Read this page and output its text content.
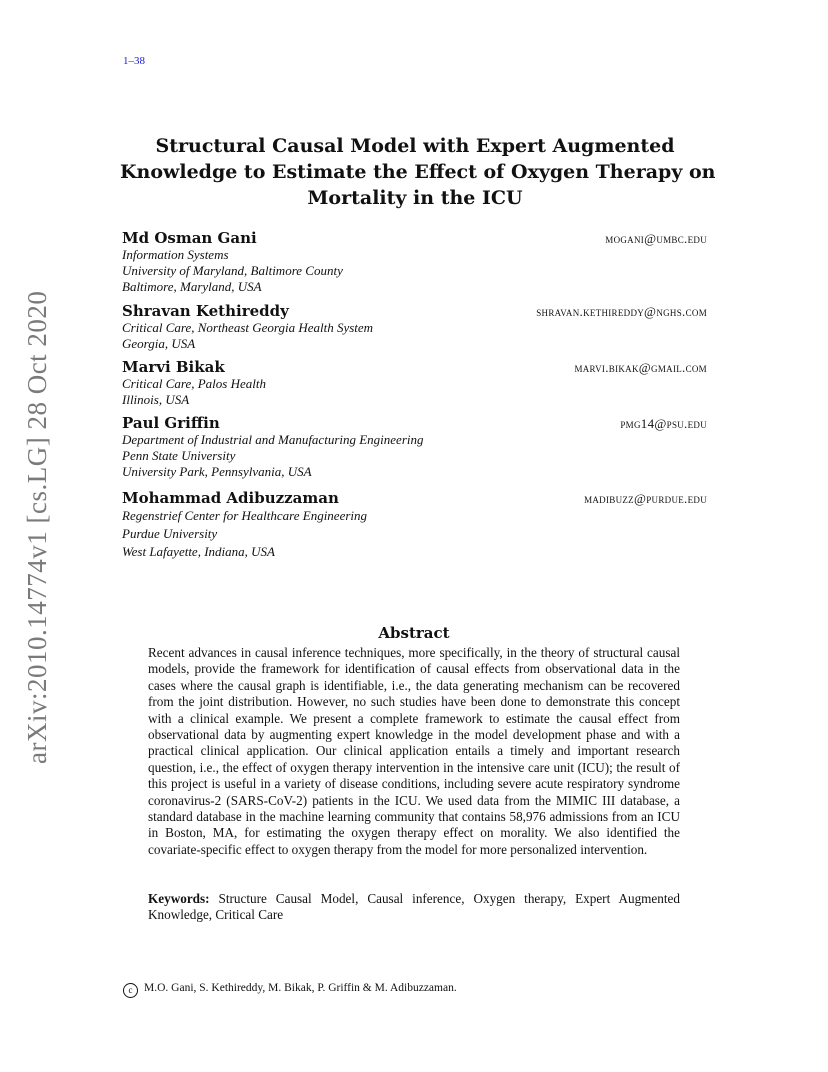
1–38
arXiv:2010.14774v1 [cs.LG] 28 Oct 2020
Structural Causal Model with Expert Augmented
Knowledge to Estimate the Effect of Oxygen Therapy on
Mortality in the ICU
Md Osman Gani	mogani@umbc.edu
Information Systems
University of Maryland, Baltimore County
Baltimore, Maryland, USA
Shravan Kethireddy	shravan.kethireddy@nghs.com
Critical Care, Northeast Georgia Health System
Georgia, USA
Marvi Bikak	marvi.bikak@gmail.com
Critical Care, Palos Health
Illinois, USA
Paul Griffin	pmg14@psu.edu
Department of Industrial and Manufacturing Engineering
Penn State University
University Park, Pennsylvania, USA
Mohammad Adibuzzaman	madibuzz@purdue.edu
Regenstrief Center for Healthcare Engineering
Purdue University
West Lafayette, Indiana, USA
Abstract
Recent advances in causal inference techniques, more specifically, in the theory of structural causal models, provide the framework for identification of causal effects from observational data in the cases where the causal graph is identifiable, i.e., the data generating mechanism can be recovered from the joint distribution. However, no such studies have been done to demonstrate this concept with a clinical example. We present a complete framework to estimate the causal effect from observational data by augmenting expert knowledge in the model development phase and with a practical clinical application. Our clinical application entails a timely and important research question, i.e., the effect of oxygen therapy intervention in the intensive care unit (ICU); the result of this project is useful in a variety of disease conditions, including severe acute respiratory syndrome coronavirus-2 (SARS-CoV-2) patients in the ICU. We used data from the MIMIC III database, a standard database in the machine learning community that contains 58,976 admissions from an ICU in Boston, MA, for estimating the oxygen therapy effect on morality. We also identified the covariate-specific effect to oxygen therapy from the model for more personalized intervention.
Keywords: Structure Causal Model, Causal inference, Oxygen therapy, Expert Augmented Knowledge, Critical Care
c M.O. Gani, S. Kethireddy, M. Bikak, P. Griffin & M. Adibuzzaman.
